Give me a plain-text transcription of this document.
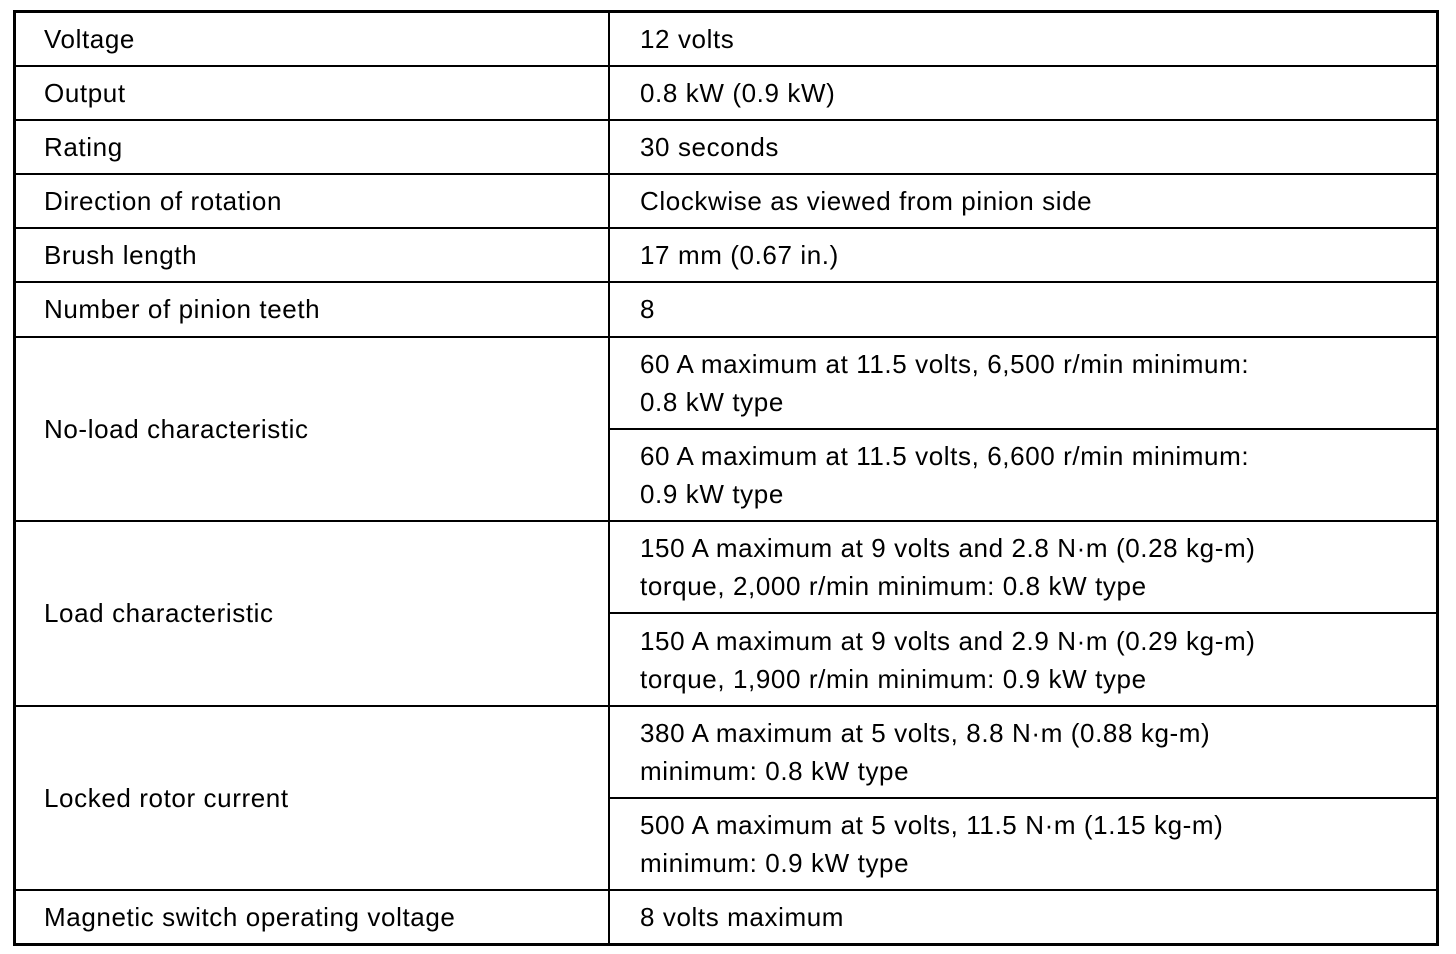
Voltage	12 volts
Output	0.8 kW (0.9 kW)
Rating	30 seconds
Direction of rotation	Clockwise as viewed from pinion side
Brush length	17 mm (0.67 in.)
Number of pinion teeth	8
No-load characteristic	60 A maximum at 11.5 volts, 6,500 r/min minimum:
0.8 kW type

	60 A maximum at 11.5 volts, 6,600 r/min minimum:
0.9 kW type

Load characteristic	150 A maximum at 9 volts and 2.8 N·m (0.28 kg-m)
torque, 2,000 r/min minimum: 0.8 kW type

	150 A maximum at 9 volts and 2.9 N·m (0.29 kg-m)
torque, 1,900 r/min minimum: 0.9 kW type

Locked rotor current	380 A maximum at 5 volts, 8.8 N·m (0.88 kg-m)
minimum: 0.8 kW type

	500 A maximum at 5 volts, 11.5 N·m (1.15 kg-m)
minimum: 0.9 kW type

Magnetic switch operating voltage	8 volts maximum
